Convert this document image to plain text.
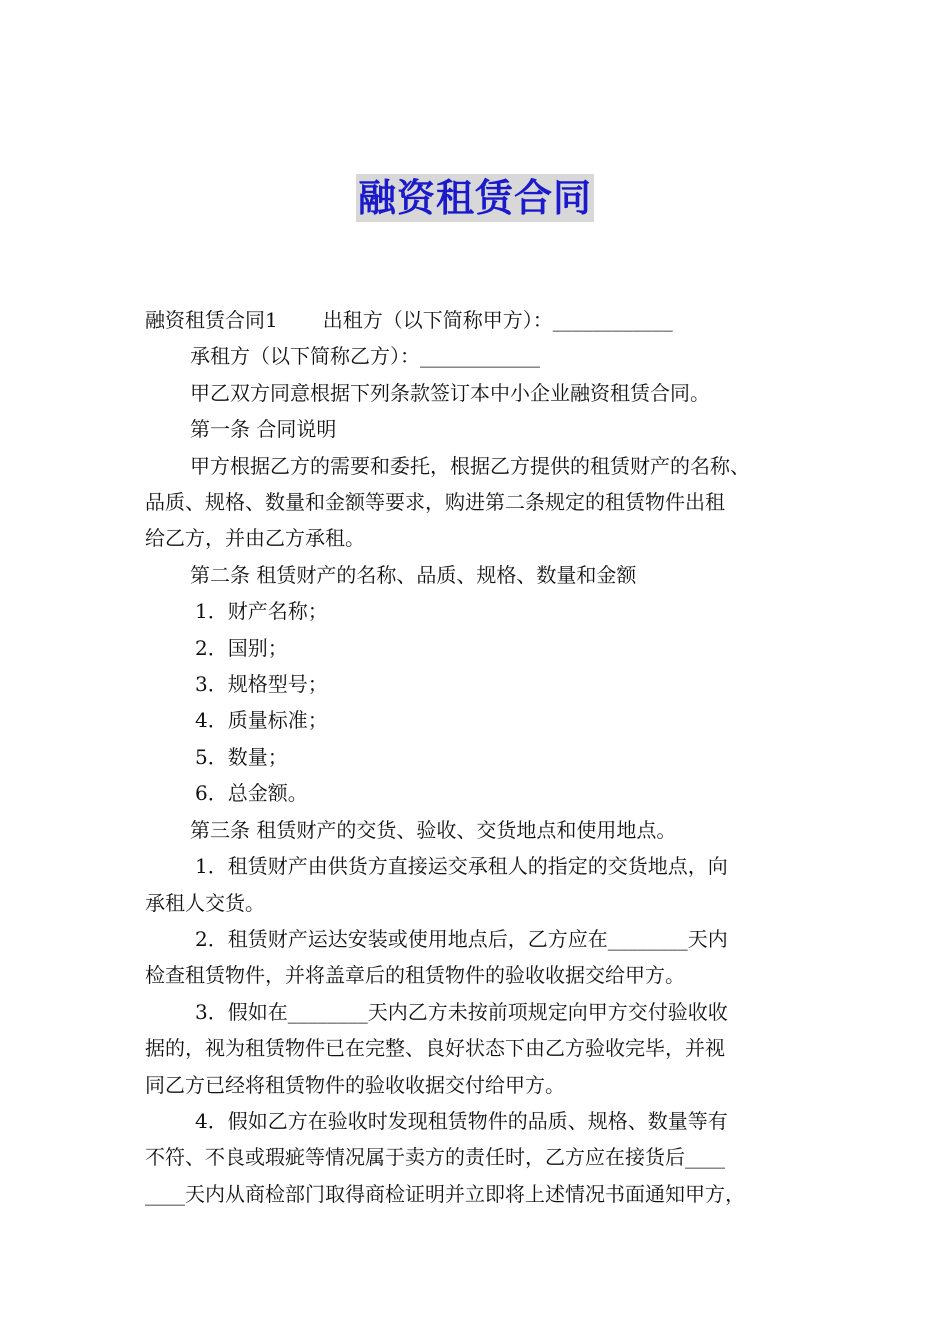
融资租赁合同

融资租赁合同1 出租方（以下简称甲方）：____________

承租方（以下简称乙方）：____________

甲乙双方同意根据下列条款签订本中小企业融资租赁合同。

第一条 合同说明

甲方根据乙方的需要和委托，根据乙方提供的租赁财产的名称、

品质、规格、数量和金额等要求，购进第二条规定的租赁物件出租

给乙方，并由乙方承租。

第二条 租赁财产的名称、品质、规格、数量和金额

1．财产名称；

2．国别；

3．规格型号；

4．质量标准；

5．数量；

6．总金额。

第三条 租赁财产的交货、验收、交货地点和使用地点。

1．租赁财产由供货方直接运交承租人的指定的交货地点，向

承租人交货。

2．租赁财产运达安装或使用地点后，乙方应在________天内

检查租赁物件，并将盖章后的租赁物件的验收收据交给甲方。

3．假如在________天内乙方未按前项规定向甲方交付验收收

据的，视为租赁物件已在完整、良好状态下由乙方验收完毕，并视

同乙方已经将租赁物件的验收收据交付给甲方。

4．假如乙方在验收时发现租赁物件的品质、规格、数量等有

不符、不良或瑕疵等情况属于卖方的责任时，乙方应在接货后____

____天内从商检部门取得商检证明并立即将上述情况书面通知甲方，
